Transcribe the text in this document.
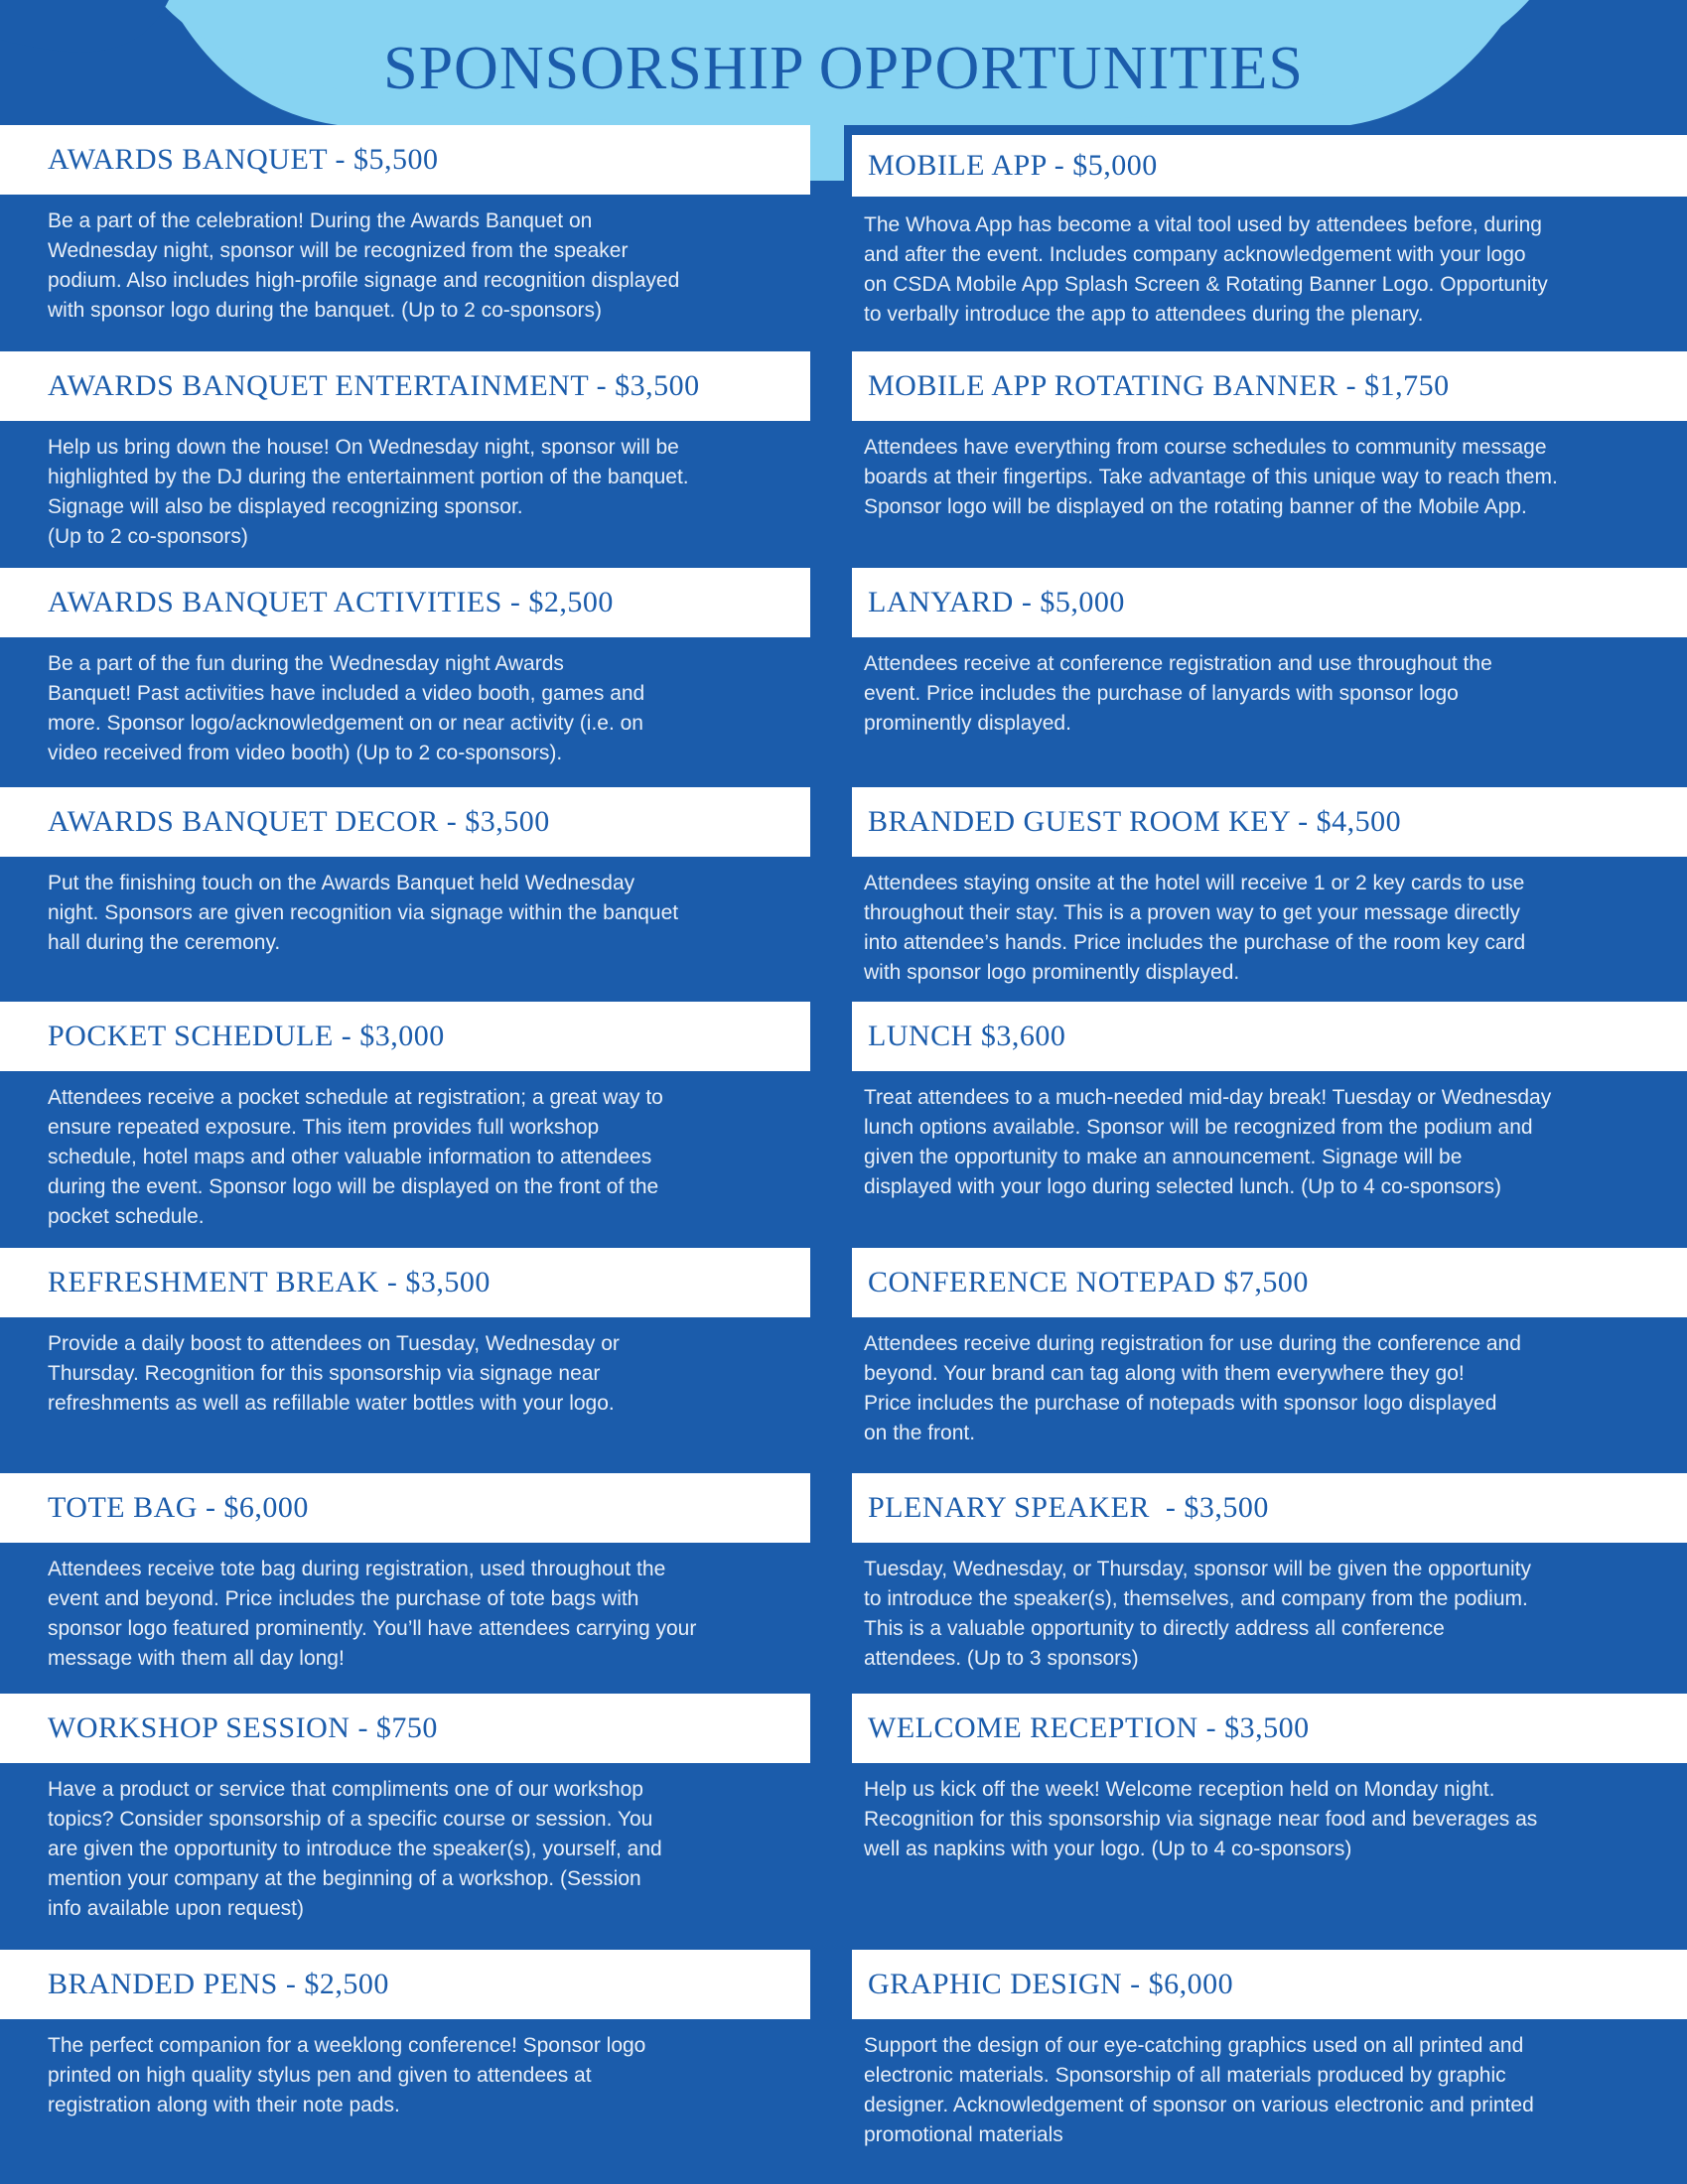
SPONSORSHIP OPPORTUNITIES
AWARDS BANQUET - $5,500
Be a part of the celebration! During the Awards Banquet on
Wednesday night, sponsor will be recognized from the speaker
podium. Also includes high-profile signage and recognition displayed
with sponsor logo during the banquet. (Up to 2 co-sponsors)
MOBILE APP - $5,000
The Whova App has become a vital tool used by attendees before, during
and after the event. Includes company acknowledgement with your logo
on CSDA Mobile App Splash Screen & Rotating Banner Logo. Opportunity
to verbally introduce the app to attendees during the plenary.
AWARDS BANQUET ENTERTAINMENT - $3,500
Help us bring down the house! On Wednesday night, sponsor will be
highlighted by the DJ during the entertainment portion of the banquet.
Signage will also be displayed recognizing sponsor.
(Up to 2 co-sponsors)
MOBILE APP ROTATING BANNER - $1,750
Attendees have everything from course schedules to community message
boards at their fingertips. Take advantage of this unique way to reach them.
Sponsor logo will be displayed on the rotating banner of the Mobile App.
AWARDS BANQUET ACTIVITIES - $2,500
Be a part of the fun during the Wednesday night Awards
Banquet! Past activities have included a video booth, games and
more. Sponsor logo/acknowledgement on or near activity (i.e. on
video received from video booth) (Up to 2 co-sponsors).
LANYARD - $5,000
Attendees receive at conference registration and use throughout the
event. Price includes the purchase of lanyards with sponsor logo
prominently displayed.
AWARDS BANQUET DECOR - $3,500
Put the finishing touch on the Awards Banquet held Wednesday
night. Sponsors are given recognition via signage within the banquet
hall during the ceremony.
BRANDED GUEST ROOM KEY - $4,500
Attendees staying onsite at the hotel will receive 1 or 2 key cards to use
throughout their stay. This is a proven way to get your message directly
into attendee’s hands. Price includes the purchase of the room key card
with sponsor logo prominently displayed.
POCKET SCHEDULE - $3,000
Attendees receive a pocket schedule at registration; a great way to
ensure repeated exposure. This item provides full workshop
schedule, hotel maps and other valuable information to attendees
during the event. Sponsor logo will be displayed on the front of the
pocket schedule.
LUNCH $3,600
Treat attendees to a much-needed mid-day break! Tuesday or Wednesday
lunch options available. Sponsor will be recognized from the podium and
given the opportunity to make an announcement. Signage will be
displayed with your logo during selected lunch. (Up to 4 co-sponsors)
REFRESHMENT BREAK - $3,500
Provide a daily boost to attendees on Tuesday, Wednesday or
Thursday. Recognition for this sponsorship via signage near
refreshments as well as refillable water bottles with your logo.
CONFERENCE NOTEPAD $7,500
Attendees receive during registration for use during the conference and
beyond. Your brand can tag along with them everywhere they go!
Price includes the purchase of notepads with sponsor logo displayed
on the front.
TOTE BAG - $6,000
Attendees receive tote bag during registration, used throughout the
event and beyond. Price includes the purchase of tote bags with
sponsor logo featured prominently. You’ll have attendees carrying your
message with them all day long!
PLENARY SPEAKER  - $3,500
Tuesday, Wednesday, or Thursday, sponsor will be given the opportunity
to introduce the speaker(s), themselves, and company from the podium.
This is a valuable opportunity to directly address all conference
attendees. (Up to 3 sponsors)
WORKSHOP SESSION - $750
Have a product or service that compliments one of our workshop
topics? Consider sponsorship of a specific course or session. You
are given the opportunity to introduce the speaker(s), yourself, and
mention your company at the beginning of a workshop. (Session
info available upon request)
WELCOME RECEPTION - $3,500
Help us kick off the week! Welcome reception held on Monday night.
Recognition for this sponsorship via signage near food and beverages as
well as napkins with your logo. (Up to 4 co-sponsors)
BRANDED PENS - $2,500
The perfect companion for a weeklong conference! Sponsor logo
printed on high quality stylus pen and given to attendees at
registration along with their note pads.
GRAPHIC DESIGN - $6,000
Support the design of our eye-catching graphics used on all printed and
electronic materials. Sponsorship of all materials produced by graphic
designer. Acknowledgement of sponsor on various electronic and printed
promotional materials
